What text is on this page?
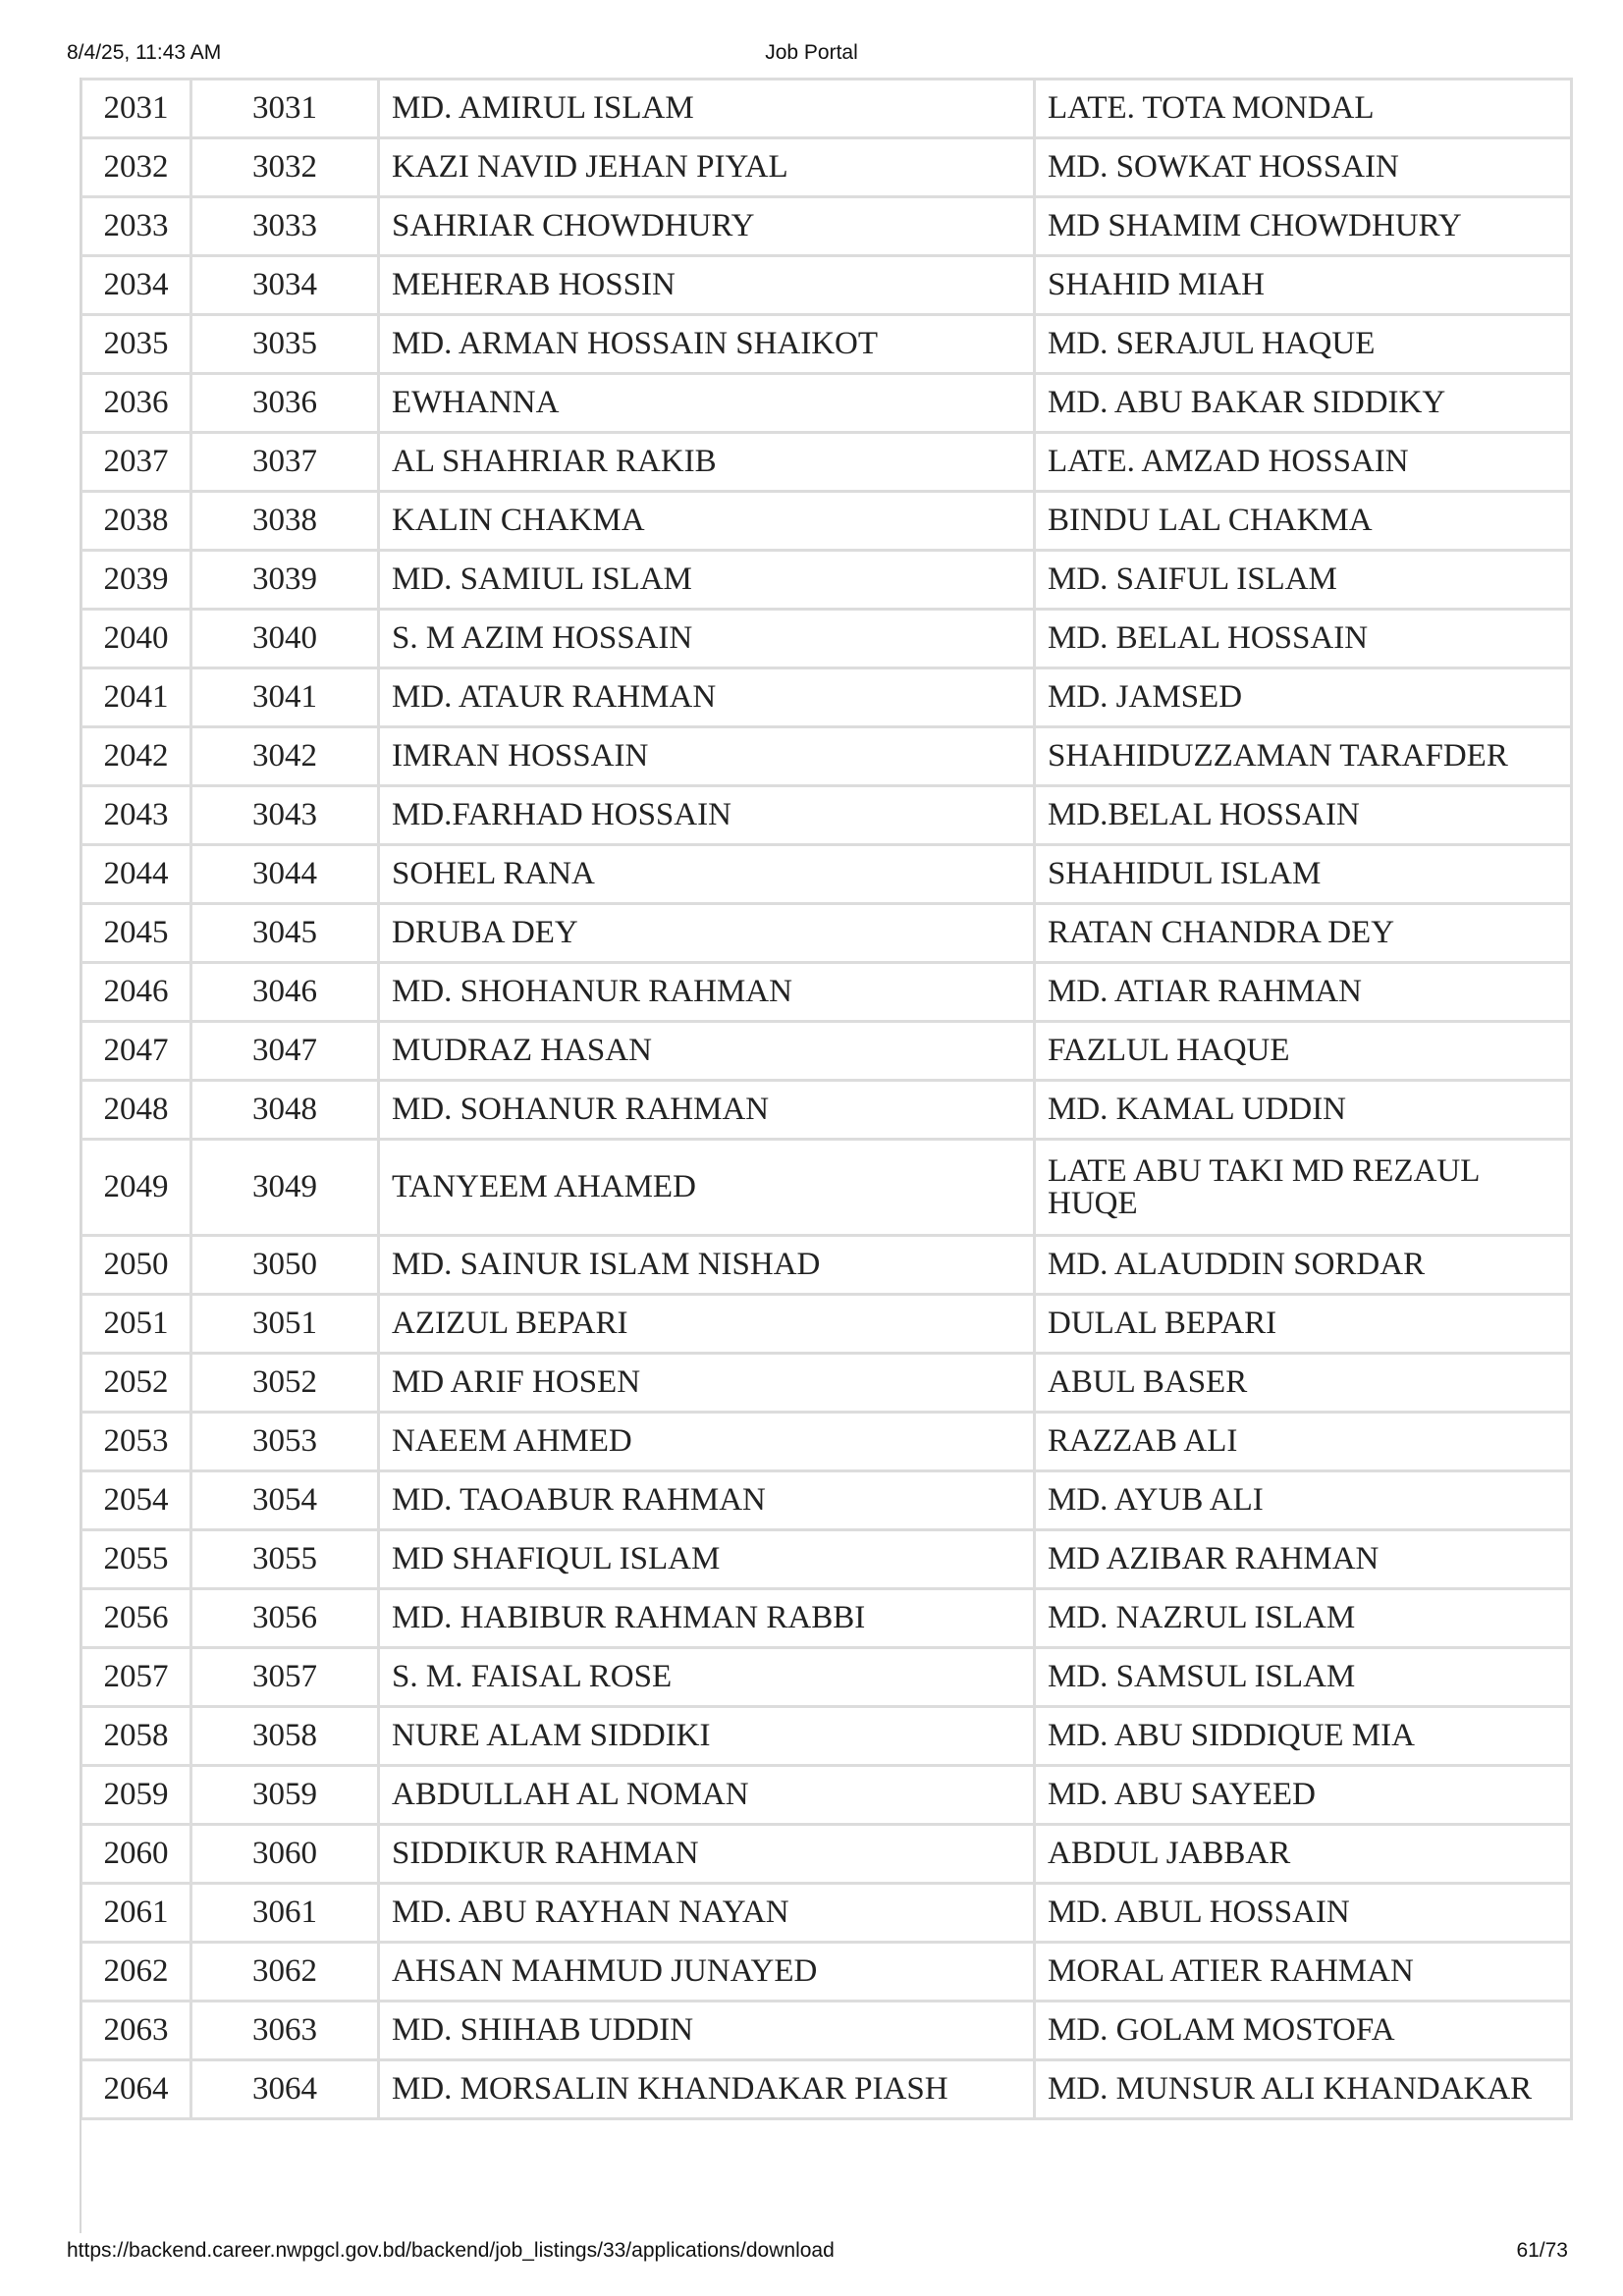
8/4/25, 11:43 AM	Job Portal
2031	3031	MD. AMIRUL ISLAM	LATE. TOTA MONDAL
2032	3032	KAZI NAVID JEHAN PIYAL	MD. SOWKAT HOSSAIN
2033	3033	SAHRIAR CHOWDHURY	MD SHAMIM CHOWDHURY
2034	3034	MEHERAB HOSSIN	SHAHID MIAH
2035	3035	MD. ARMAN HOSSAIN SHAIKOT	MD. SERAJUL HAQUE
2036	3036	EWHANNA	MD. ABU BAKAR SIDDIKY
2037	3037	AL SHAHRIAR RAKIB	LATE. AMZAD HOSSAIN
2038	3038	KALIN CHAKMA	BINDU LAL CHAKMA
2039	3039	MD. SAMIUL ISLAM	MD. SAIFUL ISLAM
2040	3040	S. M AZIM HOSSAIN	MD. BELAL HOSSAIN
2041	3041	MD. ATAUR RAHMAN	MD. JAMSED
2042	3042	IMRAN HOSSAIN	SHAHIDUZZAMAN TARAFDER
2043	3043	MD.FARHAD HOSSAIN	MD.BELAL HOSSAIN
2044	3044	SOHEL RANA	SHAHIDUL ISLAM
2045	3045	DRUBA DEY	RATAN CHANDRA DEY
2046	3046	MD. SHOHANUR RAHMAN	MD. ATIAR RAHMAN
2047	3047	MUDRAZ HASAN	FAZLUL HAQUE
2048	3048	MD. SOHANUR RAHMAN	MD. KAMAL UDDIN
2049	3049	TANYEEM AHAMED	LATE ABU TAKI MD REZAUL HUQE
2050	3050	MD. SAINUR ISLAM NISHAD	MD. ALAUDDIN SORDAR
2051	3051	AZIZUL BEPARI	DULAL BEPARI
2052	3052	MD ARIF HOSEN	ABUL BASER
2053	3053	NAEEM AHMED	RAZZAB ALI
2054	3054	MD. TAOABUR RAHMAN	MD. AYUB ALI
2055	3055	MD SHAFIQUL ISLAM	MD AZIBAR RAHMAN
2056	3056	MD. HABIBUR RAHMAN RABBI	MD. NAZRUL ISLAM
2057	3057	S. M. FAISAL ROSE	MD. SAMSUL ISLAM
2058	3058	NURE ALAM SIDDIKI	MD. ABU SIDDIQUE MIA
2059	3059	ABDULLAH AL NOMAN	MD. ABU SAYEED
2060	3060	SIDDIKUR RAHMAN	ABDUL JABBAR
2061	3061	MD. ABU RAYHAN NAYAN	MD. ABUL HOSSAIN
2062	3062	AHSAN MAHMUD JUNAYED	MORAL ATIER RAHMAN
2063	3063	MD. SHIHAB UDDIN	MD. GOLAM MOSTOFA
2064	3064	MD. MORSALIN KHANDAKAR PIASH	MD. MUNSUR ALI KHANDAKAR
https://backend.career.nwpgcl.gov.bd/backend/job_listings/33/applications/download	61/73
